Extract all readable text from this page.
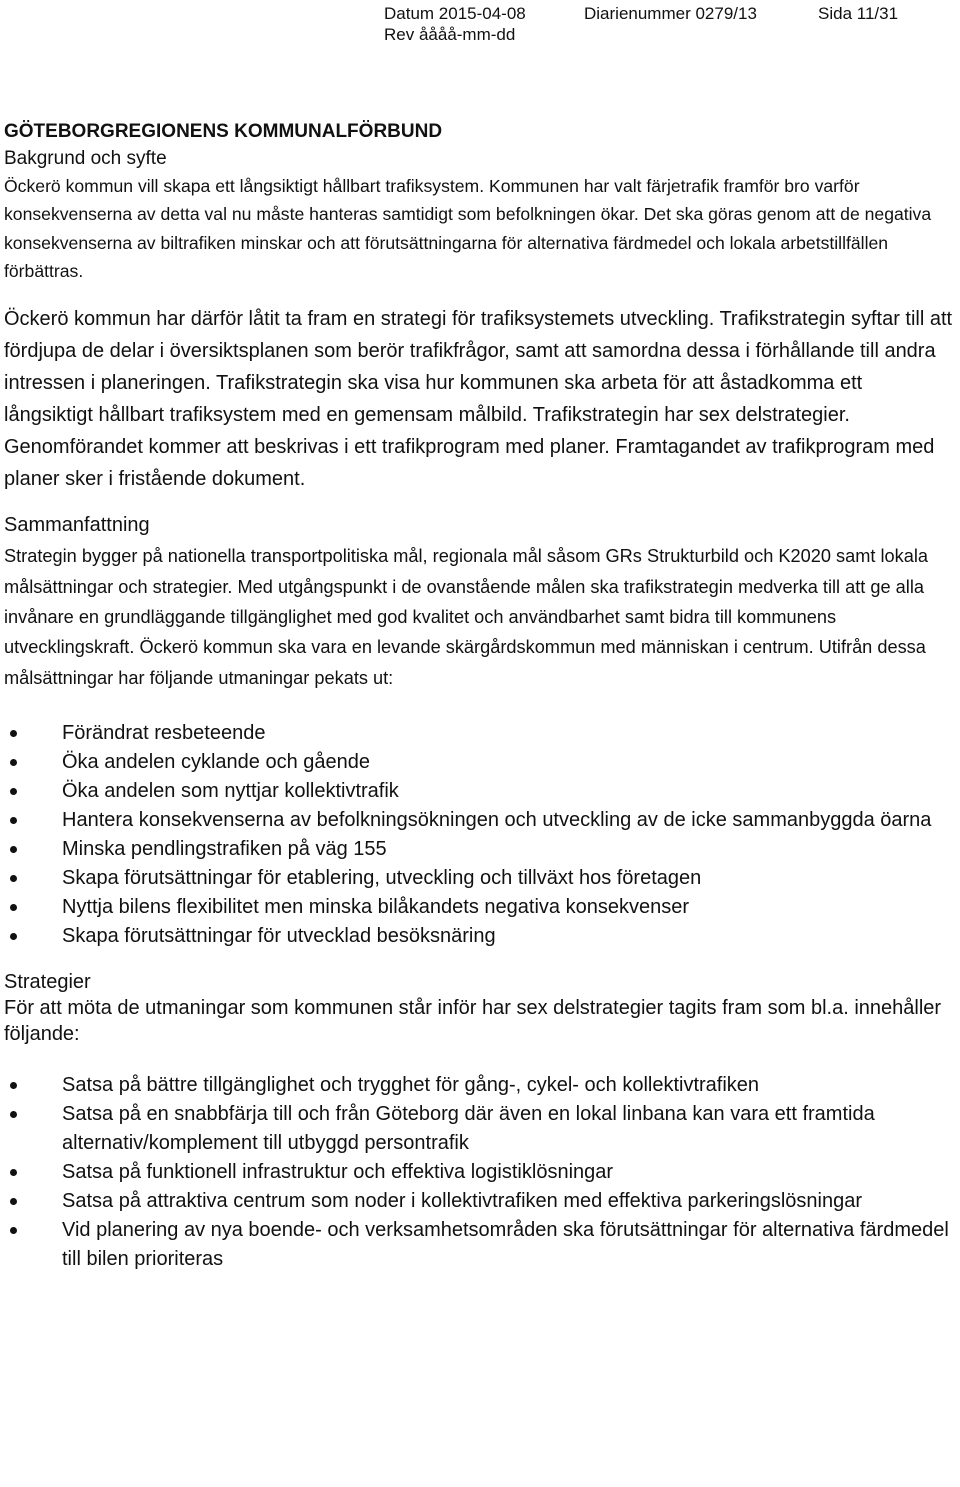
Datum 2015-04-08	Diarienummer 0279/13	Sida 11/31
Rev åååå-mm-dd

GÖTEBORGREGIONENS KOMMUNALFÖRBUND

Bakgrund och syfte

Öckerö kommun vill skapa ett långsiktigt hållbart trafiksystem. Kommunen har valt färjetrafik framför bro varför konsekvenserna av detta val nu måste hanteras samtidigt som befolkningen ökar. Det ska göras genom att de negativa konsekvenserna av biltrafiken minskar och att förutsättningarna för alternativa färdmedel och lokala arbetstillfällen förbättras.

Öckerö kommun har därför låtit ta fram en strategi för trafiksystemets utveckling. Trafikstrategin syftar till att fördjupa de delar i översiktsplanen som berör trafikfrågor, samt att samordna dessa i förhållande till andra intressen i planeringen. Trafikstrategin ska visa hur kommunen ska arbeta för att åstadkomma ett långsiktigt hållbart trafiksystem med en gemensam målbild. Trafikstrategin har sex delstrategier. Genomförandet kommer att beskrivas i ett trafikprogram med planer. Framtagandet av trafikprogram med planer sker i fristående dokument.

Sammanfattning

Strategin bygger på nationella transportpolitiska mål, regionala mål såsom GRs Strukturbild och K2020 samt lokala målsättningar och strategier. Med utgångspunkt i de ovanstående målen ska trafikstrategin medverka till att ge alla invånare en grundläggande tillgänglighet med god kvalitet och användbarhet samt bidra till kommunens utvecklingskraft. Öckerö kommun ska vara en levande skärgårdskommun med människan i centrum. Utifrån dessa målsättningar har följande utmaningar pekats ut:

Förändrat resbeteende
Öka andelen cyklande och gående
Öka andelen som nyttjar kollektivtrafik
Hantera konsekvenserna av befolkningsökningen och utveckling av de icke sammanbyggda öarna
Minska pendlingstrafiken på väg 155
Skapa förutsättningar för etablering, utveckling och tillväxt hos företagen
Nyttja bilens flexibilitet men minska bilåkandets negativa konsekvenser
Skapa förutsättningar för utvecklad besöksnäring

Strategier

För att möta de utmaningar som kommunen står inför har sex delstrategier tagits fram som bl.a. innehåller följande:

Satsa på bättre tillgänglighet och trygghet för gång-, cykel- och kollektivtrafiken
Satsa på en snabbfärja till och från Göteborg där även en lokal linbana kan vara ett framtida alternativ/komplement till utbyggd persontrafik
Satsa på funktionell infrastruktur och effektiva logistiklösningar
Satsa på attraktiva centrum som noder i kollektivtrafiken med effektiva parkeringslösningar
Vid planering av nya boende- och verksamhetsområden ska förutsättningar för alternativa färdmedel till bilen prioriteras
